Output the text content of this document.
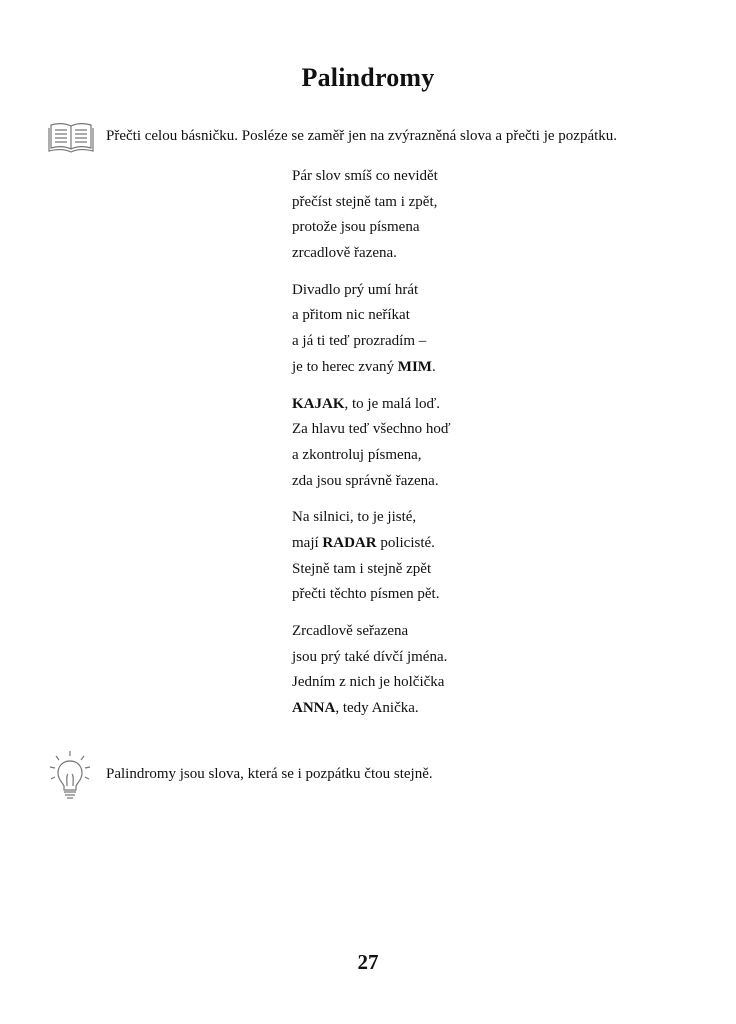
Palindromy
Přečti celou básničku. Posléze se zaměř jen na zvýrazněná slova a přečti je pozpátku.
Pár slov smíš co nevidět
přečíst stejně tam i zpět,
protože jsou písmena
zrcadlově řazena.
Divadlo prý umí hrát
a přitom nic neříkat
a já ti teď prozradím –
je to herec zvaný MIM.
KAJAK, to je malá loď.
Za hlavu teď všechno hoď
a zkontroluj písmena,
zda jsou správně řazena.
Na silnici, to je jisté,
mají RADAR policisté.
Stejně tam i stejně zpět
přečti těchto písmen pět.
Zrcadlově seřazena
jsou prý také dívčí jména.
Jedním z nich je holčička
ANNA, tedy Anička.
Palindromy jsou slova, která se i pozpátku čtou stejně.
27
